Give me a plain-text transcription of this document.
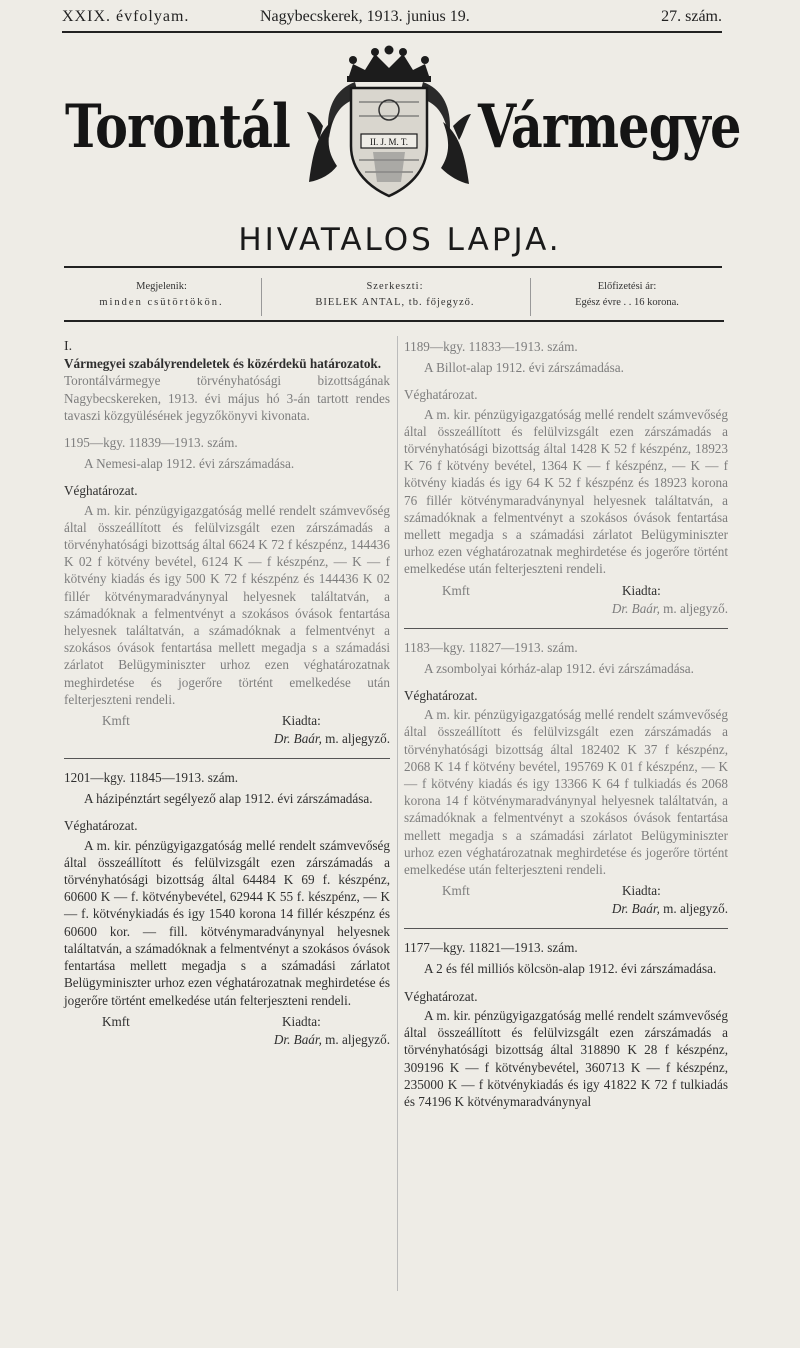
XXIX. évfolyam.	Nagybecskerek, 1913. junius 19.	27. szám.
Torontál	Vármegye
II. J. M. T.
HIVATALOS LAPJA.
Megjelenik:
minden csütörtökön.
Szerkeszti:
BIELEK ANTAL, tb. főjegyző.
Előfizetési ár:
Egész évre . . 16 korona.

I.

Vármegyei szabályrendeletek és közérdekü határozatok.

Torontálvármegye törvényhatósági bizottságának Nagybecskereken, 1913. évi május hó 3-án tartott rendes tavaszi közgyüléséнek jegyzőkönyvi kivonata.

1195—kgy. 11839—1913. szám.

A Nemesi-alap 1912. évi zárszámadása.

Véghatározat.

A m. kir. pénzügyigazgatóság mellé rendelt számvevőség által összeállított és felülvizsgált ezen zárszámadás a törvényhatósági bizottság által 6624 K 72 f készpénz, 144436 K 02 f kötvény bevétel, 6124 K — f készpénz, — K — f kötvény kiadás és igy 500 K 72 f készpénz és 144436 K 02 fillér kötvénymaradványnyal helyesnek találtatván, a számadóknak a felmentvényt a szokásos óvások fentartása helyesnek találtatván, a számadóknak a felmentvényt a szokásos óvások fentartása mellett megadja s a számadási zárlatot Belügyminiszter urhoz ezen véghatározatnak meghirdetése és jogerőre történt emelkedése után felterjeszteni rendeli.

Kmft	Kiadta:
Dr. Baár, m. aljegyző.

1201—kgy. 11845—1913. szám.

A háziрénztárt segélyező alap 1912. évi zárszámadása.

Véghatározat.

A m. kir. pénzügyigazgatóság mellé rendelt számvevőség által összeállított és felülvizsgált ezen zárszámadás a törvényhatósági bizottság által 64484 K 69 f. készpénz, 60600 K — f. kötvénybevétel, 62944 K 55 f. készpénz, — K — f. kötvénykiadás és igy 1540 korona 14 fillér készpénz és 60600 kor. — fill. kötvénymaradványnyal helyesnek találtatván, a számadóknak a felmentvényt a szokásos óvások fentartása mellett megadja s a számadási zárlatot Belügyminiszter urhoz ezen véghatározatnak meghirdetése és jogerőre történt emelkedése után felterjeszteni rendeli.

Kmft	Kiadta:
Dr. Baár, m. aljegyző.

1189—kgy. 11833—1913. szám.

A Billot-alap 1912. évi zárszámadása.

Véghatározat.

A m. kir. pénzügyigazgatóság mellé rendelt számvevőség által összeállított és felülvizsgált ezen zárszámadás a törvényhatósági bizottság által 1428 K 52 f készpénz, 18923 K 76 f kötvény bevétel, 1364 K — f készpénz, — K — f kötvény kiadás és igy 64 K 52 f készpénz és 18923 korona 76 fillér kötvénymaradványnyal helyesnek találtatván, a számadóknak a felmentvényt a szokásos óvások fentartása mellett megadja s a számadási zárlatot Belügyminiszter urhoz ezen véghatározatnak meghirdetése és jogerőre történt emelkedése után felterjeszteni rendeli.

Kmft	Kiadta:
Dr. Baár, m. aljegyző.

1183—kgy. 11827—1913. szám.

A zsombolyai kórház-alap 1912. évi zárszámadása.

Véghatározat.

A m. kir. pénzügyigazgatóság mellé rendelt számvevőség által összeállított és felülvizsgált ezen zárszámadás a törvényhatósági bizottság által 182402 K 37 f készpénz, 2068 K 14 f kötvény bevétel, 195769 K 01 f készpénz, — K — f kötvény kiadás és igy 13366 K 64 f tulkiadás és 2068 korona 14 f kötvénymaradványnyal helyesnek találtatván, a számadóknak a felmentvényt a szokásos óvások fentartása mellett megadja s a számadási zárlatot Belügyminiszter urhoz ezen véghatározatnak meghirdetése és jogerőre történt emelkedése után felterjeszteni rendeli.

Kmft	Kiadta:
Dr. Baár, m. aljegyző.

1177—kgy. 11821—1913. szám.

A 2 és fél milliós kölcsön-alap 1912. évi zárszámadása.

Véghatározat.

A m. kir. pénzügyigazgatóság mellé rendelt számvevőség által összeállított és felülvizsgált ezen zárszámadás a törvényhatósági bizottság által 318890 K 28 f készpénz, 309196 K — f kötvénybevétel, 360713 K — f készpénz, 235000 K — f kötvénykiadás és igy 41822 K 72 f tulkiadás és 74196 K kötvénymaradványnyal
